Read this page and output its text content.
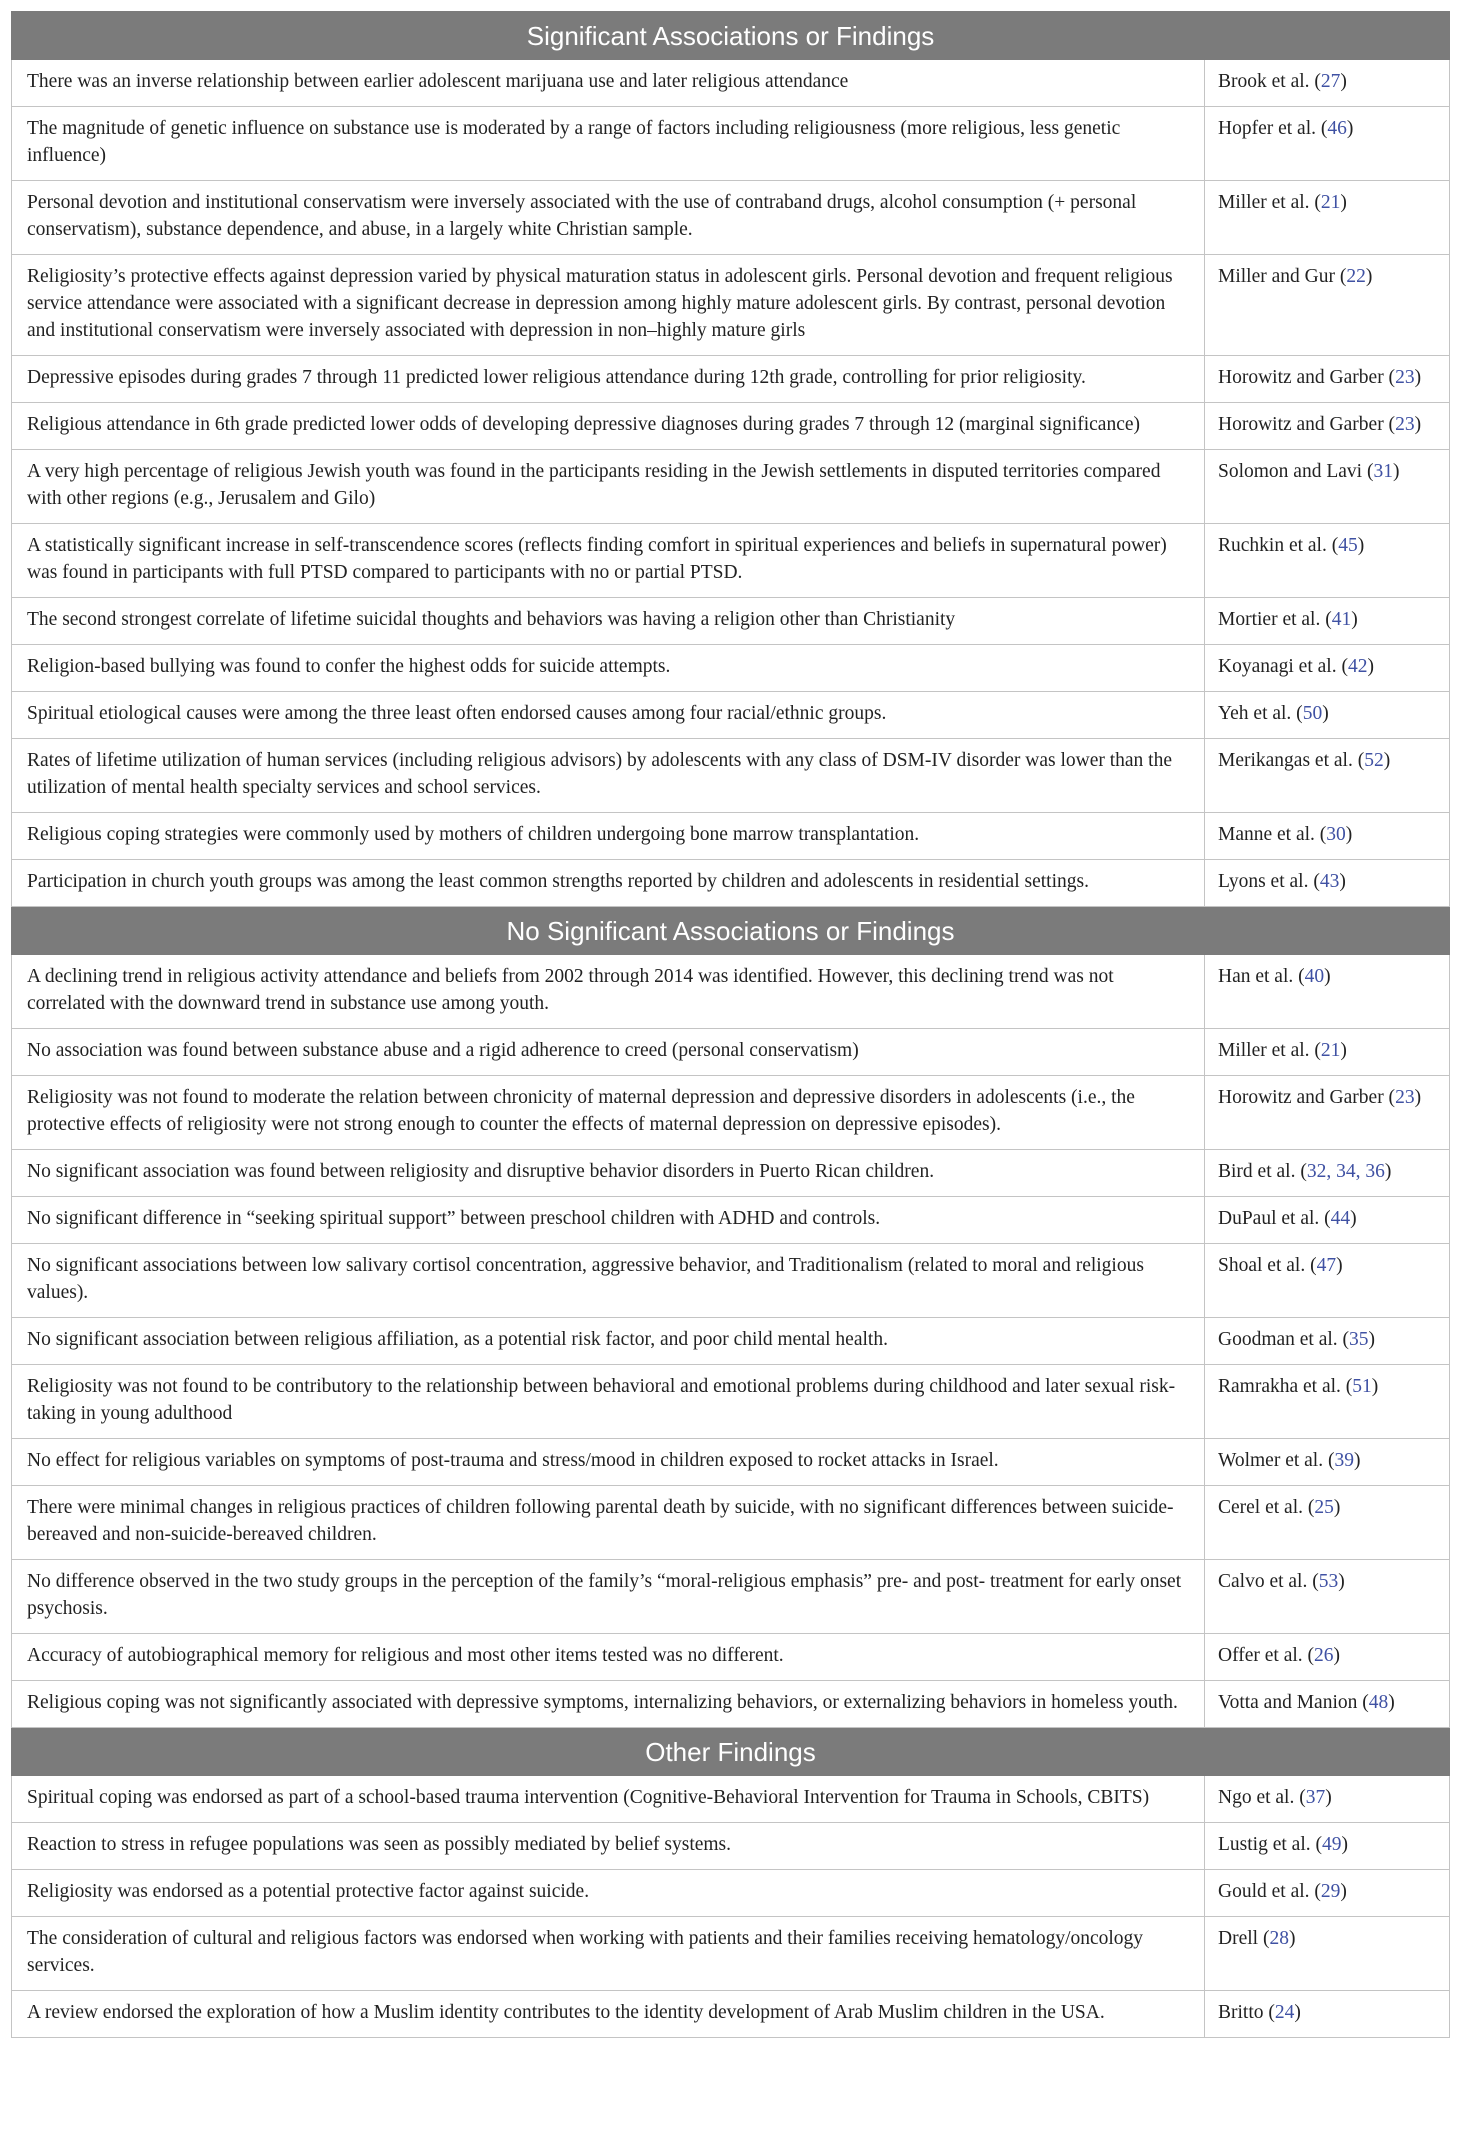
Significant Associations or Findings	
There was an inverse relationship between earlier adolescent marijuana use and later religious attendance	Brook et al. (27)
The magnitude of genetic influence on substance use is moderated by a range of factors including religiousness (more religious, less genetic influence)	Hopfer et al. (46)
Personal devotion and institutional conservatism were inversely associated with the use of contraband drugs, alcohol consumption (+ personal conservatism), substance dependence, and abuse, in a largely white Christian sample.	Miller et al. (21)
Religiosity’s protective effects against depression varied by physical maturation status in adolescent girls. Personal devotion and frequent religious service attendance were associated with a significant decrease in depression among highly mature adolescent girls. By contrast, personal devotion and institutional conservatism were inversely associated with depression in non–highly mature girls	Miller and Gur (22)
Depressive episodes during grades 7 through 11 predicted lower religious attendance during 12th grade, controlling for prior religiosity.	Horowitz and Garber (23)
Religious attendance in 6th grade predicted lower odds of developing depressive diagnoses during grades 7 through 12 (marginal significance)	Horowitz and Garber (23)
A very high percentage of religious Jewish youth was found in the participants residing in the Jewish settlements in disputed territories compared with other regions (e.g., Jerusalem and Gilo)	Solomon and Lavi (31)
A statistically significant increase in self-transcendence scores (reflects finding comfort in spiritual experiences and beliefs in supernatural power) was found in participants with full PTSD compared to participants with no or partial PTSD.	Ruchkin et al. (45)
The second strongest correlate of lifetime suicidal thoughts and behaviors was having a religion other than Christianity	Mortier et al. (41)
Religion-based bullying was found to confer the highest odds for suicide attempts.	Koyanagi et al. (42)
Spiritual etiological causes were among the three least often endorsed causes among four racial/ethnic groups.	Yeh et al. (50)
Rates of lifetime utilization of human services (including religious advisors) by adolescents with any class of DSM-IV disorder was lower than the utilization of mental health specialty services and school services.	Merikangas et al. (52)
Religious coping strategies were commonly used by mothers of children undergoing bone marrow transplantation.	Manne et al. (30)
Participation in church youth groups was among the least common strengths reported by children and adolescents in residential settings.	Lyons et al. (43)
No Significant Associations or Findings	
A declining trend in religious activity attendance and beliefs from 2002 through 2014 was identified. However, this declining trend was not correlated with the downward trend in substance use among youth.	Han et al. (40)
No association was found between substance abuse and a rigid adherence to creed (personal conservatism)	Miller et al. (21)
Religiosity was not found to moderate the relation between chronicity of maternal depression and depressive disorders in adolescents (i.e., the protective effects of religiosity were not strong enough to counter the effects of maternal depression on depressive episodes).	Horowitz and Garber (23)
No significant association was found between religiosity and disruptive behavior disorders in Puerto Rican children.	Bird et al. (32, 34, 36)
No significant difference in “seeking spiritual support” between preschool children with ADHD and controls.	DuPaul et al. (44)
No significant associations between low salivary cortisol concentration, aggressive behavior, and Traditionalism (related to moral and religious values).	Shoal et al. (47)
No significant association between religious affiliation, as a potential risk factor, and poor child mental health.	Goodman et al. (35)
Religiosity was not found to be contributory to the relationship between behavioral and emotional problems during childhood and later sexual risk-taking in young adulthood	Ramrakha et al. (51)
No effect for religious variables on symptoms of post-trauma and stress/mood in children exposed to rocket attacks in Israel.	Wolmer et al. (39)
There were minimal changes in religious practices of children following parental death by suicide, with no significant differences between suicide-bereaved and non-suicide-bereaved children.	Cerel et al. (25)
No difference observed in the two study groups in the perception of the family’s “moral-religious emphasis” pre- and post- treatment for early onset psychosis.	Calvo et al. (53)
Accuracy of autobiographical memory for religious and most other items tested was no different.	Offer et al. (26)
Religious coping was not significantly associated with depressive symptoms, internalizing behaviors, or externalizing behaviors in homeless youth.	Votta and Manion (48)
Other Findings	
Spiritual coping was endorsed as part of a school-based trauma intervention (Cognitive-Behavioral Intervention for Trauma in Schools, CBITS)	Ngo et al. (37)
Reaction to stress in refugee populations was seen as possibly mediated by belief systems.	Lustig et al. (49)
Religiosity was endorsed as a potential protective factor against suicide.	Gould et al. (29)
The consideration of cultural and religious factors was endorsed when working with patients and their families receiving hematology/oncology services.	Drell (28)
A review endorsed the exploration of how a Muslim identity contributes to the identity development of Arab Muslim children in the USA.	Britto (24)
